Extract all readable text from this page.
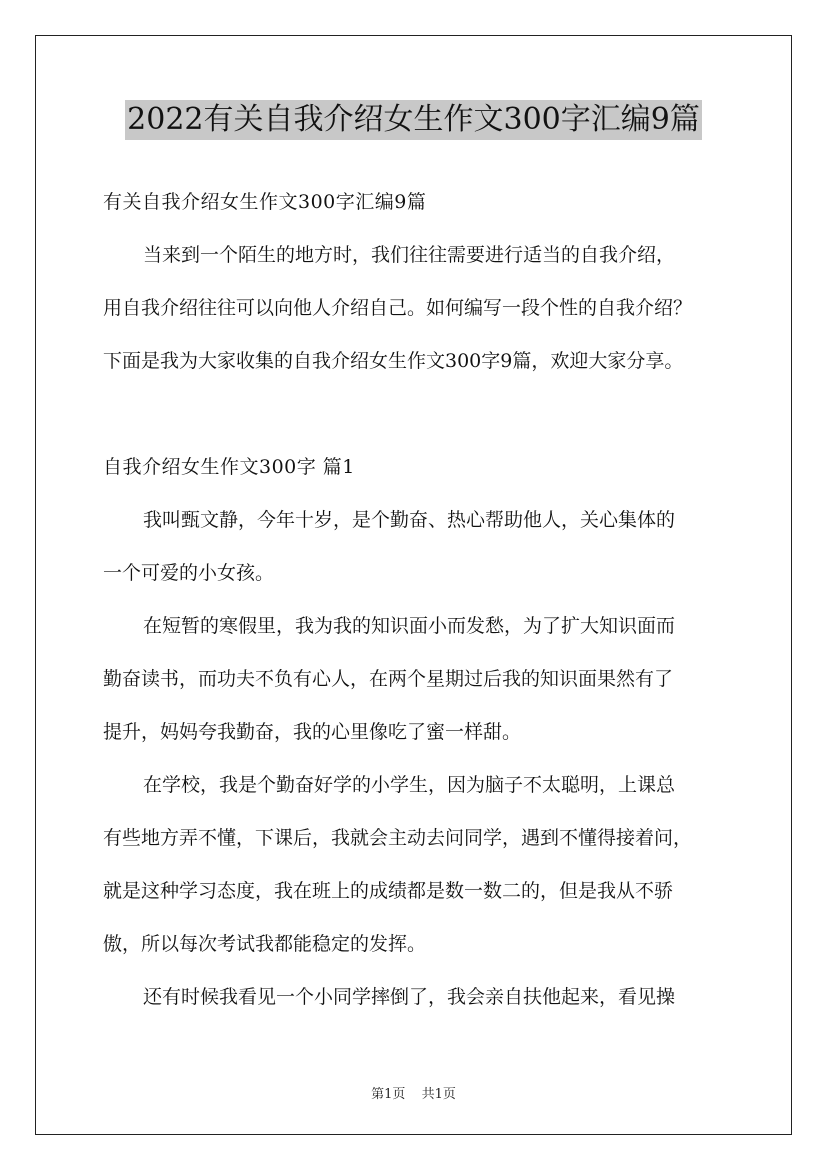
2022有关自我介绍女生作文300字汇编9篇

有关自我介绍女生作文300字汇编9篇

当来到一个陌生的地方时，我们往往需要进行适当的自我介绍，
用自我介绍往往可以向他人介绍自己。如何编写一段个性的自我介绍？
下面是我为大家收集的自我介绍女生作文300字9篇，欢迎大家分享。

自我介绍女生作文300字 篇1

我叫甄文静，今年十岁，是个勤奋、热心帮助他人，关心集体的
一个可爱的小女孩。

在短暂的寒假里，我为我的知识面小而发愁，为了扩大知识面而
勤奋读书，而功夫不负有心人，在两个星期过后我的知识面果然有了
提升，妈妈夸我勤奋，我的心里像吃了蜜一样甜。

在学校，我是个勤奋好学的小学生，因为脑子不太聪明，上课总
有些地方弄不懂，下课后，我就会主动去问同学，遇到不懂得接着问，
就是这种学习态度，我在班上的成绩都是数一数二的，但是我从不骄
傲，所以每次考试我都能稳定的发挥。

还有时候我看见一个小同学摔倒了，我会亲自扶他起来，看见操

第1页 共1页
